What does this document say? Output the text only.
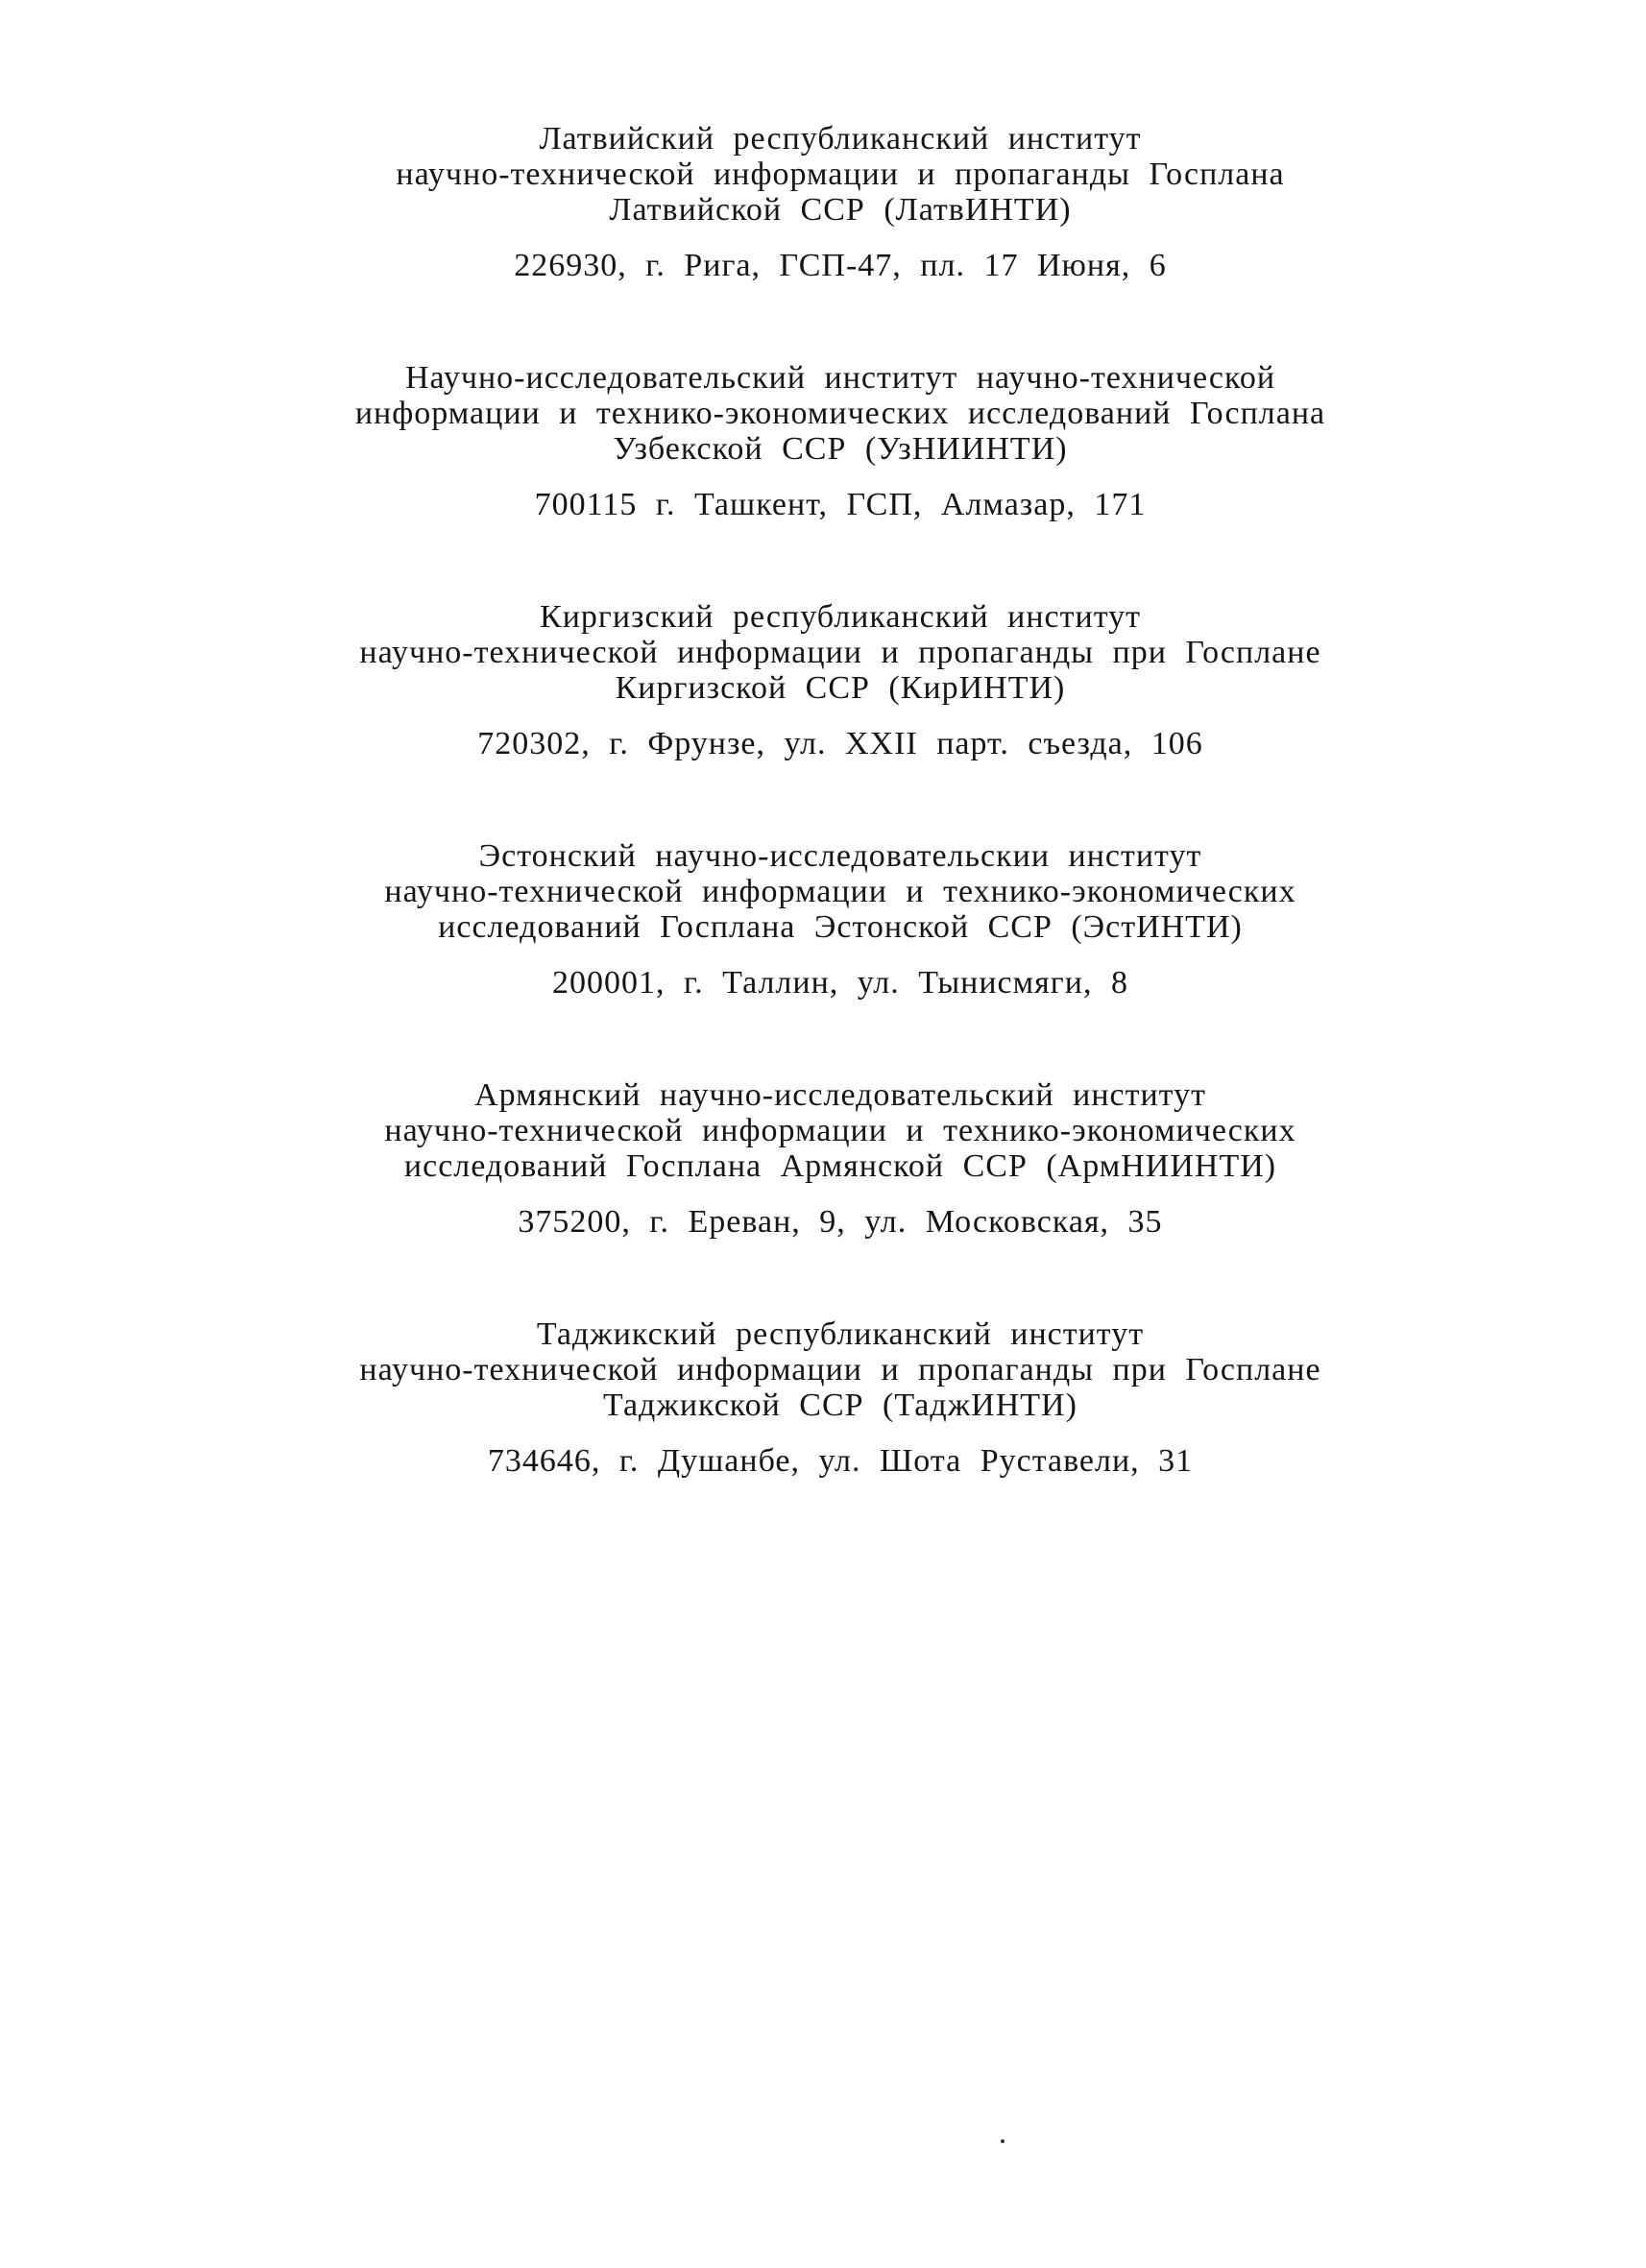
Латвийский республиканский институт
научно-технической информации и пропаганды Госплана
Латвийской ССР (ЛатвИНТИ)
226930, г. Рига, ГСП-47, пл. 17 Июня, 6
Научно-исследовательский институт научно-технической
информации и технико-экономических исследований Госплана
Узбекской ССР (УзНИИНТИ)
700115 г. Ташкент, ГСП, Алмазар, 171
Киргизский республиканский институт
научно-технической информации и пропаганды при Госплане
Киргизской ССР (КирИНТИ)
720302, г. Фрунзе, ул. XXII парт. съезда, 106
Эстонский научно-исследовательскии институт
научно-технической информации и технико-экономических
исследований Госплана Эстонской ССР (ЭстИНТИ)
200001, г. Таллин, ул. Тынисмяги, 8
Армянский научно-исследовательский институт
научно-технической информации и технико-экономических
исследований Госплана Армянской ССР (АрмНИИНТИ)
375200, г. Ереван, 9, ул. Московская, 35
Таджикский республиканский институт
научно-технической информации и пропаганды при Госплане
Таджикской ССР (ТаджИНТИ)
734646, г. Душанбе, ул. Шота Руставели, 31
